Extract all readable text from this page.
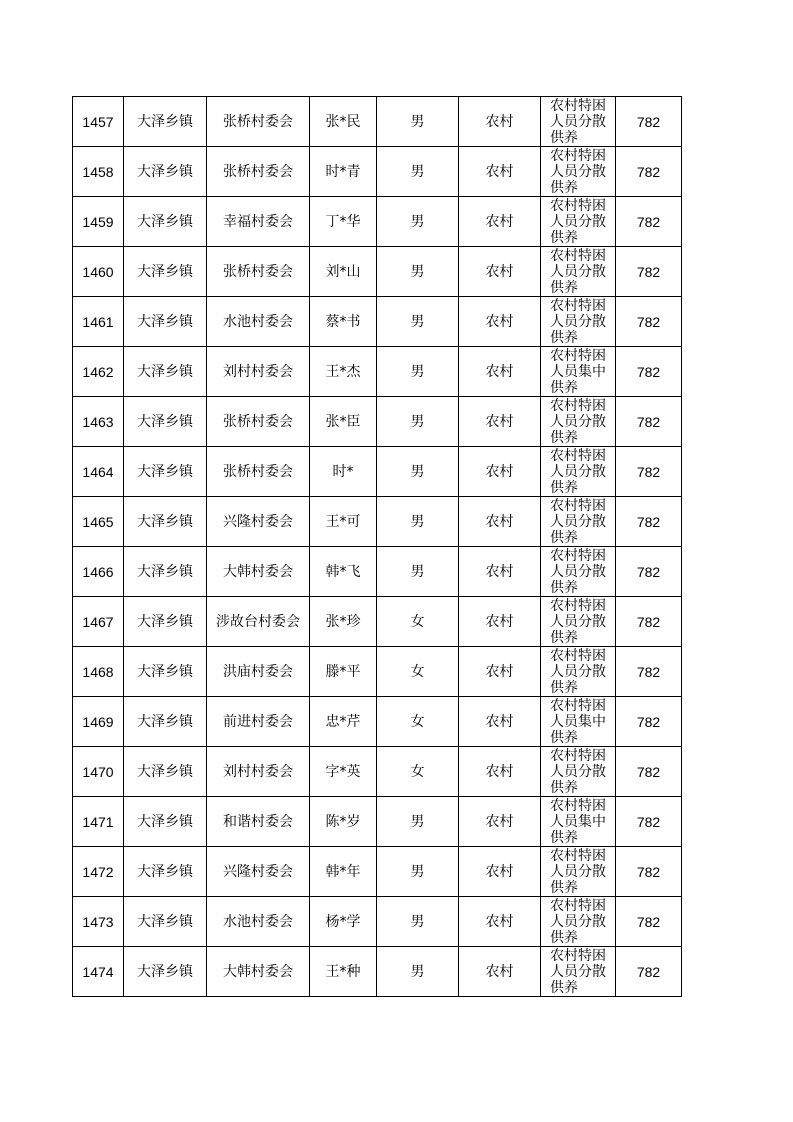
1457	大泽乡镇	张桥村委会	张*民	男	农村	农村特困人员分散供养	782
1458	大泽乡镇	张桥村委会	时*青	男	农村	农村特困人员分散供养	782
1459	大泽乡镇	幸福村委会	丁*华	男	农村	农村特困人员分散供养	782
1460	大泽乡镇	张桥村委会	刘*山	男	农村	农村特困人员分散供养	782
1461	大泽乡镇	水池村委会	蔡*书	男	农村	农村特困人员分散供养	782
1462	大泽乡镇	刘村村委会	王*杰	男	农村	农村特困人员集中供养	782
1463	大泽乡镇	张桥村委会	张*臣	男	农村	农村特困人员分散供养	782
1464	大泽乡镇	张桥村委会	时*	男	农村	农村特困人员分散供养	782
1465	大泽乡镇	兴隆村委会	王*可	男	农村	农村特困人员分散供养	782
1466	大泽乡镇	大韩村委会	韩*飞	男	农村	农村特困人员分散供养	782
1467	大泽乡镇	涉故台村委会	张*珍	女	农村	农村特困人员分散供养	782
1468	大泽乡镇	洪庙村委会	滕*平	女	农村	农村特困人员分散供养	782
1469	大泽乡镇	前进村委会	忠*芹	女	农村	农村特困人员集中供养	782
1470	大泽乡镇	刘村村委会	字*英	女	农村	农村特困人员分散供养	782
1471	大泽乡镇	和谐村委会	陈*岁	男	农村	农村特困人员集中供养	782
1472	大泽乡镇	兴隆村委会	韩*年	男	农村	农村特困人员分散供养	782
1473	大泽乡镇	水池村委会	杨*学	男	农村	农村特困人员分散供养	782
1474	大泽乡镇	大韩村委会	王*种	男	农村	农村特困人员分散供养	782
